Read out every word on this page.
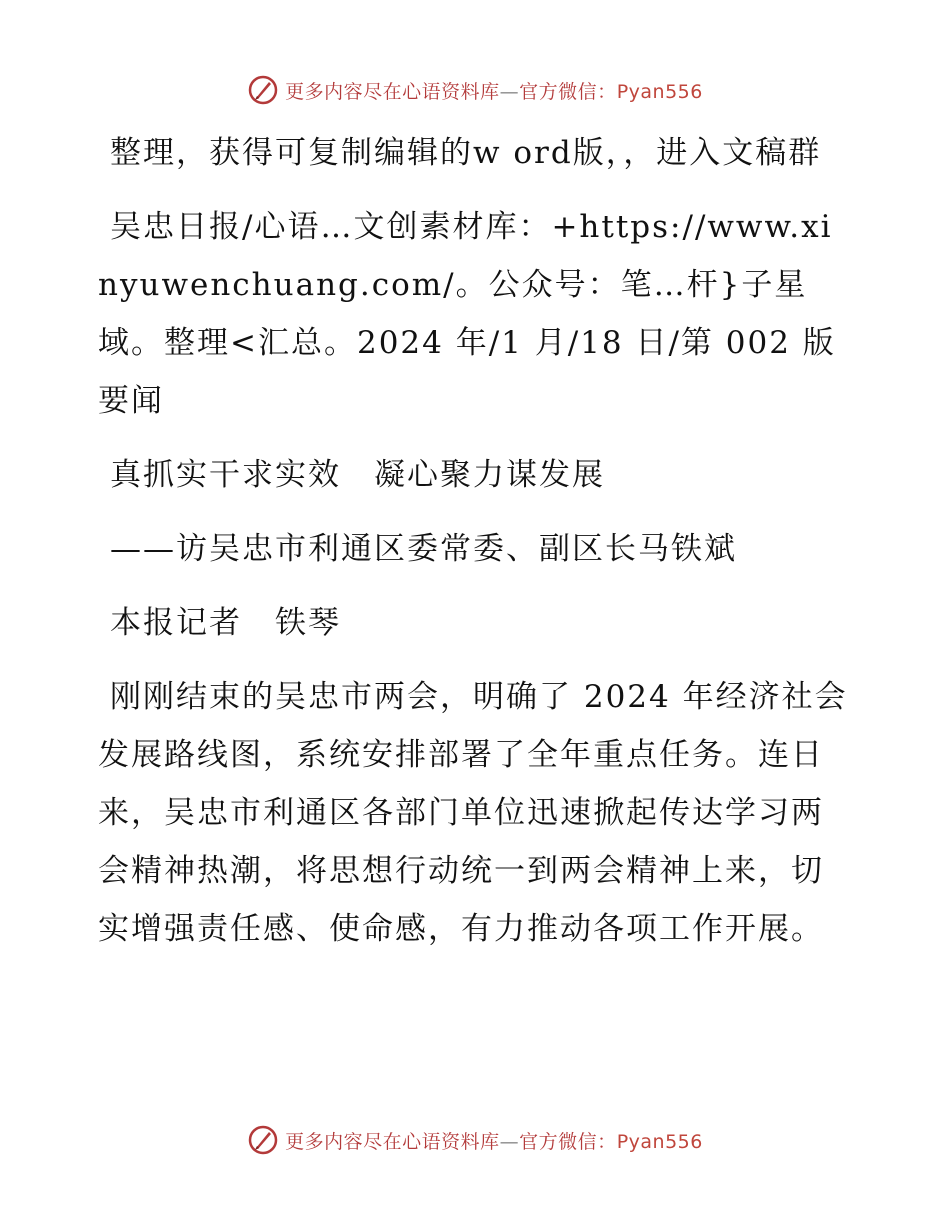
更多内容尽在心语资料库—官方微信：Pyan556

整理，获得可复制编辑的w ord版，，进入文稿群

吴忠日报/心语…文创素材库：+https://www.xinyuwenchuang.com/。公众号：笔…杆}子星域。整理<汇总。2024 年/1 月/18 日/第 002 版要闻

真抓实干求实效　凝心聚力谋发展

——访吴忠市利通区委常委、副区长马铁斌

本报记者　铁琴

刚刚结束的吴忠市两会，明确了 2024 年经济社会发展路线图，系统安排部署了全年重点任务。连日来，吴忠市利通区各部门单位迅速掀起传达学习两会精神热潮，将思想行动统一到两会精神上来，切实增强责任感、使命感，有力推动各项工作开展。

更多内容尽在心语资料库—官方微信：Pyan556
